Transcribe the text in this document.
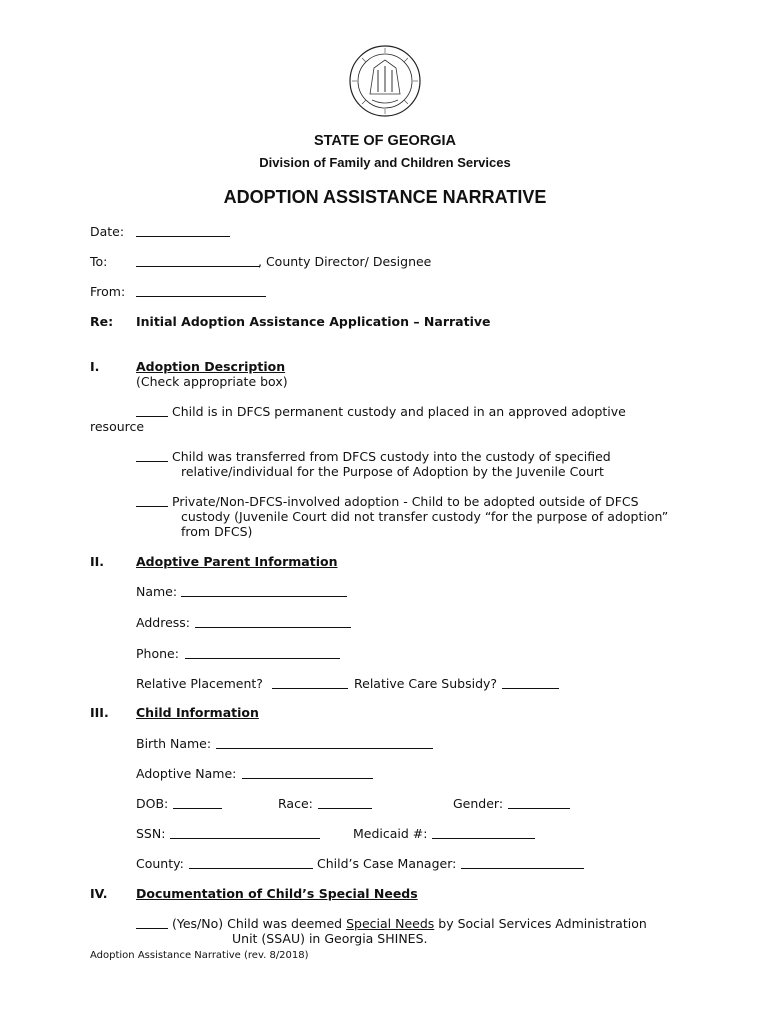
STATE OF GEORGIA
Division of Family and Children Services
ADOPTION ASSISTANCE NARRATIVE
Date:
To:	, County Director/ Designee
From:
Re: Initial Adoption Assistance Application – Narrative
I.	Adoption Description
(Check appropriate box)
Child is in DFCS permanent custody and placed in an approved adoptive
resource
Child was transferred from DFCS custody into the custody of specified
relative/individual for the Purpose of Adoption by the Juvenile Court
Private/Non-DFCS-involved adoption - Child to be adopted outside of DFCS
custody (Juvenile Court did not transfer custody “for the purpose of adoption”
from DFCS)
II.	Adoptive Parent Information
Name:
Address:
Phone:
Relative Placement?	Relative Care Subsidy?
III. Child Information
Birth Name:
Adoptive Name:
DOB:	Race:	Gender:
SSN:	Medicaid #:
County:	Child’s Case Manager:
IV. Documentation of Child’s Special Needs
(Yes/No) Child was deemed Special Needs by Social Services Administration
Unit (SSAU) in Georgia SHINES.
Adoption Assistance Narrative (rev. 8/2018)
